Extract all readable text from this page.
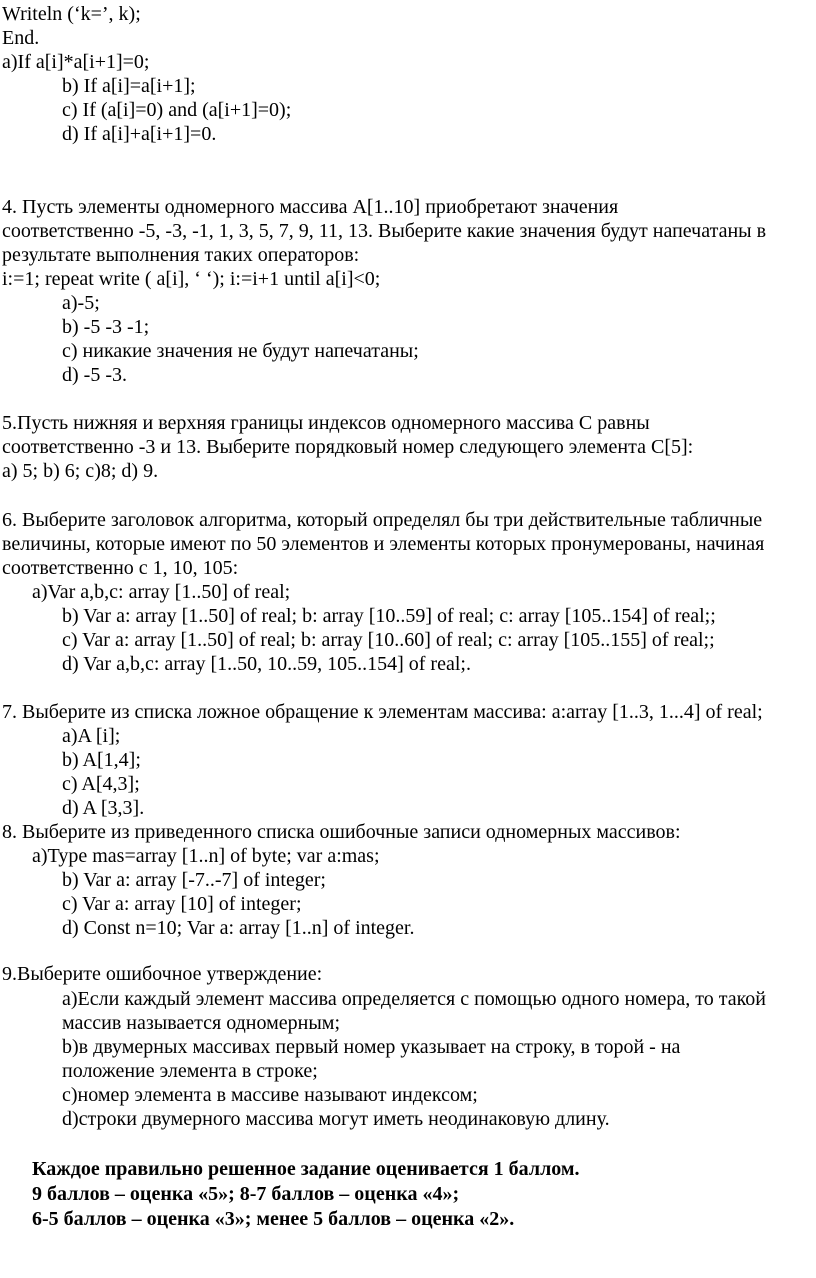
Writeln (‘k=’, k);
End.
a)If a[i]*a[i+1]=0;
b) If a[i]=a[i+1];
c) If (a[i]=0) and (a[i+1]=0);
d) If a[i]+a[i+1]=0.
4. Пусть элементы одномерного массива А[1..10] приобретают значения
соответственно -5, -3, -1, 1, 3, 5, 7, 9, 11, 13. Выберите какие значения будут напечатаны в
результате выполнения таких операторов:
i:=1; repeat write ( a[i], ‘ ‘); i:=i+1 until a[i]<0;
a)-5;
b) -5 -3 -1;
c) никакие значения не будут напечатаны;
d) -5 -3.
5.Пусть нижняя и верхняя границы индексов одномерного массива С равны
соответственно -3 и 13. Выберите порядковый номер следующего элемента С[5]:
a) 5; b) 6; c)8; d) 9.
6. Выберите заголовок алгоритма, который определял бы три действительные табличные
величины, которые имеют по 50 элементов и элементы которых пронумерованы, начиная
соответственно с 1, 10, 105:
a)Var a,b,c: array [1..50] of real;
b) Var a: array [1..50] of real; b: array [10..59] of real; c: array [105..154] of real;;
c) Var a: array [1..50] of real; b: array [10..60] of real; c: array [105..155] of real;;
d) Var a,b,c: array [1..50, 10..59, 105..154] of real;.
7. Выберите из списка ложное обращение к элементам массива: a:array [1..3, 1...4] of real;
a)A [i];
b) A[1,4];
c) A[4,3];
d) A [3,3].
8. Выберите из приведенного списка ошибочные записи одномерных массивов:
a)Type mas=array [1..n] of byte; var a:mas;
b) Var a: array [-7..-7] of integer;
c) Var a: array [10] of integer;
d) Const n=10; Var a: array [1..n] of integer.
9.Выберите ошибочное утверждение:
a)Если каждый элемент массива определяется с помощью одного номера, то такой
массив называется одномерным;
b)в двумерных массивах первый номер указывает на строку, в торой - на
положение элемента в строке;
c)номер элемента в массиве называют индексом;
d)строки двумерного массива могут иметь неодинаковую длину.
Каждое правильно решенное задание оценивается 1 баллом.
9 баллов – оценка «5»; 8-7 баллов – оценка «4»;
6-5 баллов – оценка «3»; менее 5 баллов – оценка «2».
